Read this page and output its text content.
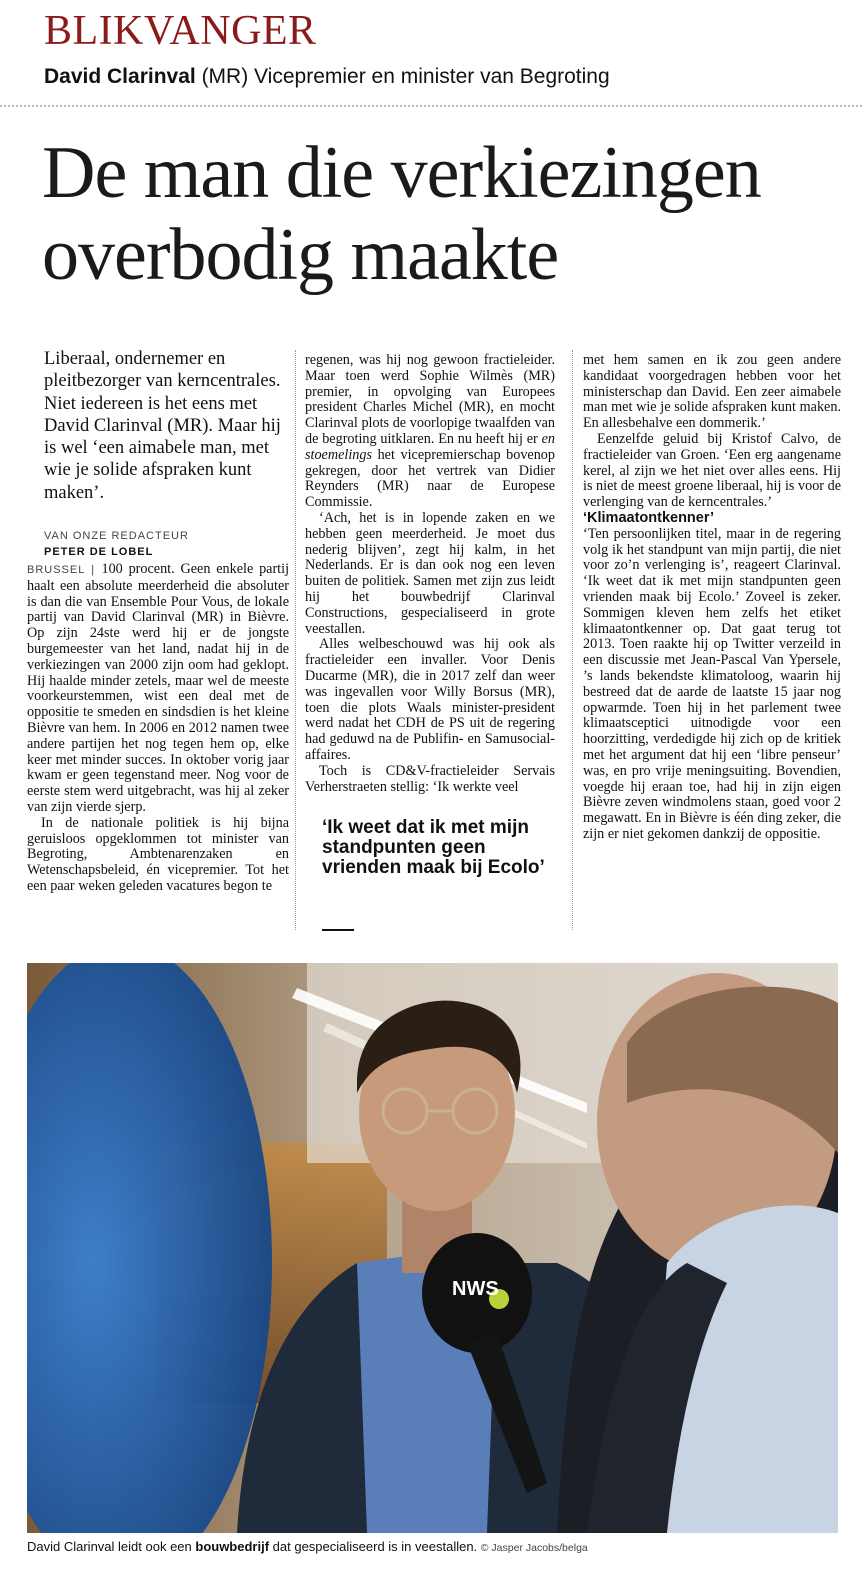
BLIKVANGER
David Clarinval (MR) Vicepremier en minister van Begroting
De man die verkiezingen overbodig maakte
Liberaal, ondernemer en pleitbezorger van kerncentrales. Niet iedereen is het eens met David Clarinval (MR). Maar hij is wel ‘een aimabele man, met wie je solide afspraken kunt maken’.
VAN ONZE REDACTEUR
PETER DE LOBEL

BRUSSEL | 100 procent. Geen enkele partij haalt een absolute meerderheid die absoluter is dan die van Ensemble Pour Vous, de lokale partij van David Clarinval (MR) in Bièvre. Op zijn 24ste werd hij er de jongste burgemeester van het land, nadat hij in de verkiezingen van 2000 zijn oom had geklopt. Hij haalde minder zetels, maar wel de meeste voorkeurstemmen, wist een deal met de oppositie te smeden en sindsdien is het kleine Bièvre van hem. In 2006 en 2012 namen twee andere partijen het nog tegen hem op, elke keer met minder succes. In oktober vorig jaar kwam er geen tegenstand meer. Nog voor de eerste stem werd uitgebracht, was hij al zeker van zijn vierde sjerp.

In de nationale politiek is hij bijna geruisloos opgeklommen tot minister van Begroting, Ambtenarenzaken en Wetenschapsbeleid, én vicepremier. Tot het een paar weken geleden vacatures begon te

regenen, was hij nog gewoon fractieleider. Maar toen werd Sophie Wilmès (MR) premier, in opvolging van Europees president Charles Michel (MR), en mocht Clarinval plots de voorlopige twaalfden van de begroting uitklaren. En nu heeft hij er en stoemelings het vicepremierschap bovenop gekregen, door het vertrek van Didier Reynders (MR) naar de Europese Commissie.

‘Ach, het is in lopende zaken en we hebben geen meerderheid. Je moet dus nederig blijven’, zegt hij kalm, in het Nederlands. Er is dan ook nog een leven buiten de politiek. Samen met zijn zus leidt hij het bouwbedrijf Clarinval Constructions, gespecialiseerd in grote veestallen.

Alles welbeschouwd was hij ook als fractieleider een invaller. Voor Denis Ducarme (MR), die in 2017 zelf dan weer was ingevallen voor Willy Borsus (MR), toen die plots Waals minister-president werd nadat het CDH de PS uit de regering had geduwd na de Publifin- en Samusocial-affaires.

Toch is CD&V-fractieleider Servais Verherstraeten stellig: ‘Ik werkte veel

‘Ik weet dat ik met mijn standpunten geen vrienden maak bij Ecolo’

met hem samen en ik zou geen andere kandidaat voorgedragen hebben voor het ministerschap dan David. Een zeer aimabele man met wie je solide afspraken kunt maken. En allesbehalve een dommerik.’

Eenzelfde geluid bij Kristof Calvo, de fractieleider van Groen. ‘Een erg aangename kerel, al zijn we het niet over alles eens. Hij is niet de meest groene liberaal, hij is voor de verlenging van de kerncentrales.’

‘Klimaatontkenner’

‘Ten persoonlijken titel, maar in de regering volg ik het standpunt van mijn partij, die niet voor zo’n verlenging is’, reageert Clarinval. ‘Ik weet dat ik met mijn standpunten geen vrienden maak bij Ecolo.’ Zoveel is zeker. Sommigen kleven hem zelfs het etiket klimaatontkenner op. Dat gaat terug tot 2013. Toen raakte hij op Twitter verzeild in een discussie met Jean-Pascal Van Ypersele, ’s lands bekendste klimatoloog, waarin hij bestreed dat de aarde de laatste 15 jaar nog opwarmde. Toen hij in het parlement twee klimaatsceptici uitnodigde voor een hoorzitting, verdedigde hij zich op de kritiek met het argument dat hij een ‘libre penseur’ was, en pro vrije meningsuiting. Bovendien, voegde hij eraan toe, had hij in zijn eigen Bièvre zeven windmolens staan, goed voor 2 megawatt. En in Bièvre is één ding zeker, die zijn er niet gekomen dankzij de oppositie.

NWS
David Clarinval leidt ook een bouwbedrijf dat gespecialiseerd is in veestallen. © Jasper Jacobs/belga
